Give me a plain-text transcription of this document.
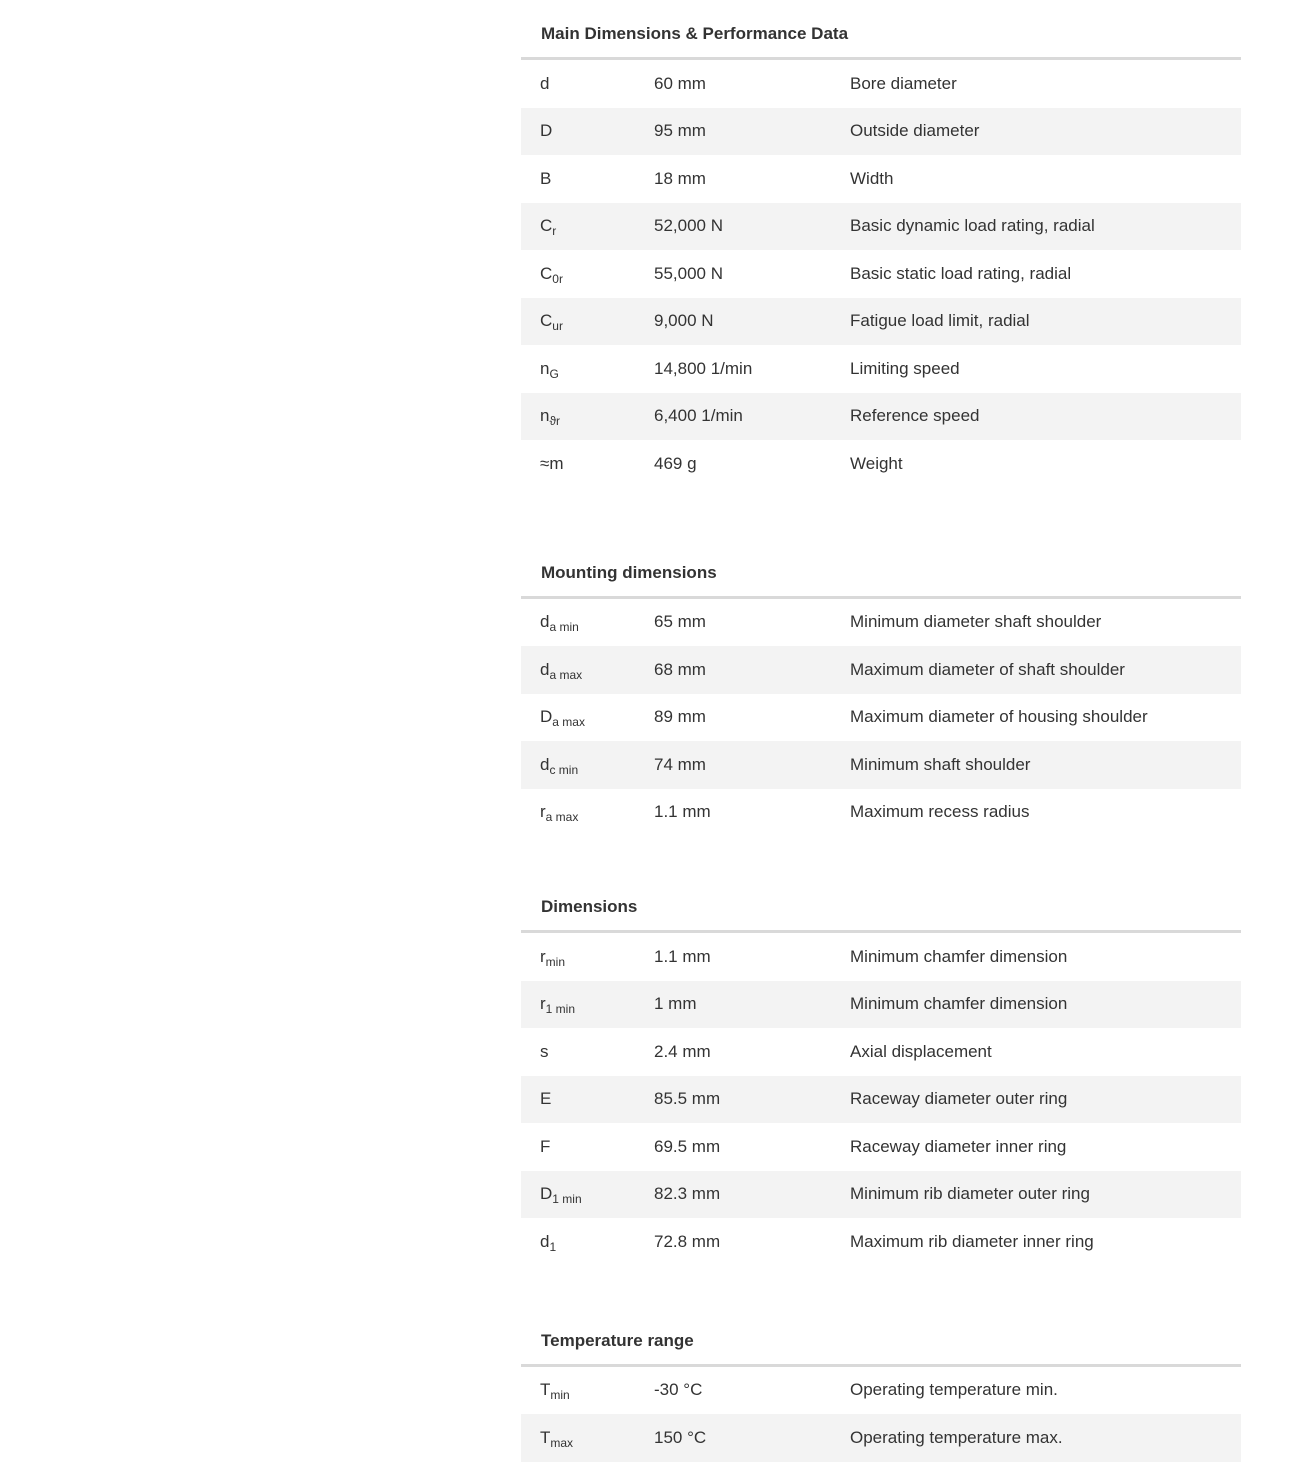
Main Dimensions & Performance Data
d	60 mm	Bore diameter
D	95 mm	Outside diameter
B	18 mm	Width
$C_r$	52,000 N	Basic dynamic load rating, radial
$C_{0r}$	55,000 N	Basic static load rating, radial
$C_{ur}$	9,000 N	Fatigue load limit, radial
$n_G$	14,800 1/min	Limiting speed
$n_{ϑr}$	6,400 1/min	Reference speed
≈m	469 g	Weight
Mounting dimensions
$d_{a min}$	65 mm	Minimum diameter shaft shoulder
$d_{a max}$	68 mm	Maximum diameter of shaft shoulder
$D_{a max}$	89 mm	Maximum diameter of housing shoulder
$d_{c min}$	74 mm	Minimum shaft shoulder
$r_{a max}$	1.1 mm	Maximum recess radius
Dimensions
$r_{min}$	1.1 mm	Minimum chamfer dimension
$r_{1 min}$	1 mm	Minimum chamfer dimension
s	2.4 mm	Axial displacement
E	85.5 mm	Raceway diameter outer ring
F	69.5 mm	Raceway diameter inner ring
$D_{1 min}$	82.3 mm	Minimum rib diameter outer ring
$d_1$	72.8 mm	Maximum rib diameter inner ring
Temperature range
$T_{min}$	-30 °C	Operating temperature min.
$T_{max}$	150 °C	Operating temperature max.
